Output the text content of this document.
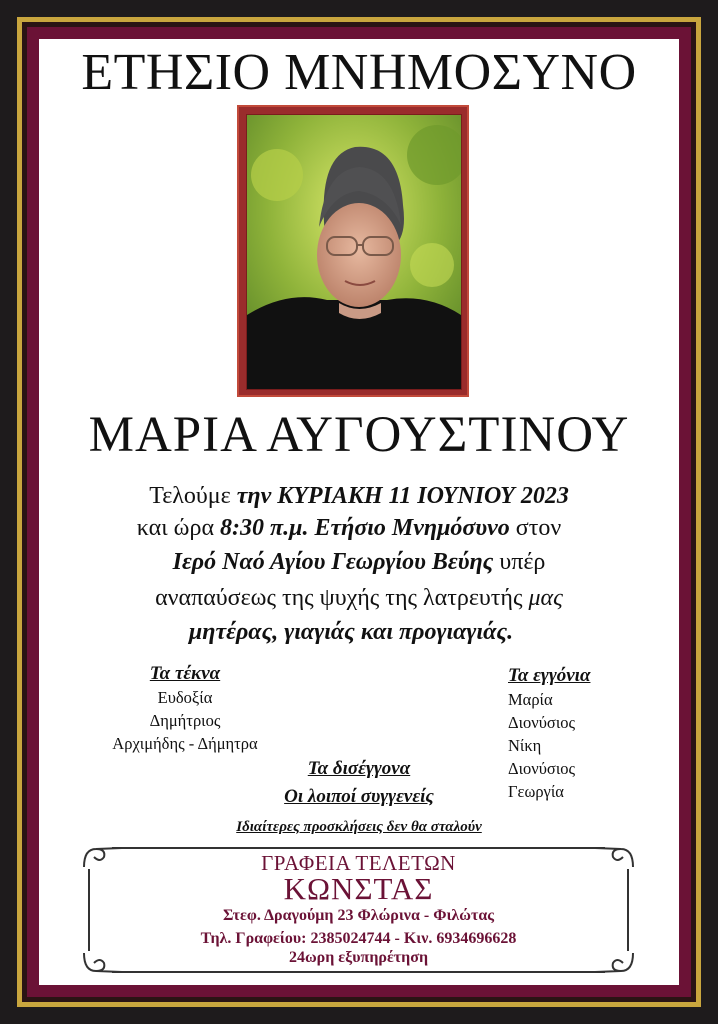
ΕΤΗΣΙΟ ΜΝΗΜΟΣΥΝΟ
ΜΑΡΙΑ ΑΥΓΟΥΣΤΙΝΟΥ
Τελούμε την ΚΥΡΙΑΚΗ 11 ΙΟΥΝΙΟΥ 2023
και ώρα 8:30 π.μ. Ετήσιο Μνημόσυνο στον
Ιερό Ναό Αγίου Γεωργίου Βεύης υπέρ
αναπαύσεως της ψυχής της λατρευτής μας
μητέρας, γιαγιάς και προγιαγιάς.
Τα τέκνα
Ευδοξία
Δημήτριος
Αρχιμήδης - Δήμητρα
Τα εγγόνια
Μαρία
Διονύσιος
Νίκη
Διονύσιος
Γεωργία
Τα δισέγγονα
Οι λοιποί συγγενείς
Ιδιαίτερες προσκλήσεις δεν θα σταλούν
ΓΡΑΦΕΙΑ ΤΕΛΕΤΩΝ
ΚΩΝΣΤΑΣ
Στεφ. Δραγούμη 23 Φλώρινα - Φιλώτας
Τηλ. Γραφείου: 2385024744 - Κιν. 6934696628
24ωρη εξυπηρέτηση
